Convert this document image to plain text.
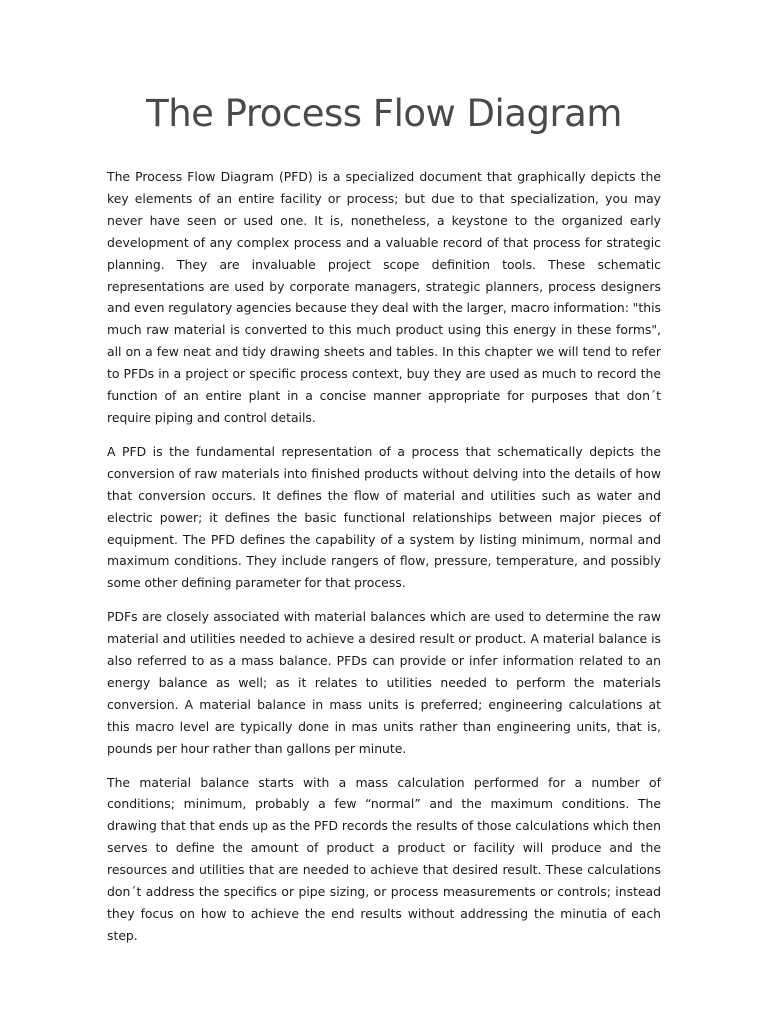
The Process Flow Diagram

The Process Flow Diagram (PFD) is a specialized document that graphically depicts the key elements of an entire facility or process; but due to that specialization, you may never have seen or used one. It is, nonetheless, a keystone to the organized early development of any complex process and a valuable record of that process for strategic planning. They are invaluable project scope definition tools. These schematic representations are used by corporate managers, strategic planners, process designers and even regulatory agencies because they deal with the larger, macro information: "this much raw material is converted to this much product using this energy in these forms", all on a few neat and tidy drawing sheets and tables. In this chapter we will tend to refer to PFDs in a project or specific process context, buy they are used as much to record the function of an entire plant in a concise manner appropriate for purposes that don´t require piping and control details.

A PFD is the fundamental representation of a process that schematically depicts the conversion of raw materials into finished products without delving into the details of how that conversion occurs. It defines the flow of material and utilities such as water and electric power; it defines the basic functional relationships between major pieces of equipment. The PFD defines the capability of a system by listing minimum, normal and maximum conditions. They include rangers of flow, pressure, temperature, and possibly some other defining parameter for that process.

PDFs are closely associated with material balances which are used to determine the raw material and utilities needed to achieve a desired result or product. A material balance is also referred to as a mass balance. PFDs can provide or infer information related to an energy balance as well; as it relates to utilities needed to perform the materials conversion. A material balance in mass units is preferred; engineering calculations at this macro level are typically done in mas units rather than engineering units, that is, pounds per hour rather than gallons per minute.

The material balance starts with a mass calculation performed for a number of conditions; minimum, probably a few “normal” and the maximum conditions. The drawing that that ends up as the PFD records the results of those calculations which then serves to define the amount of product a product or facility will produce and the resources and utilities that are needed to achieve that desired result. These calculations don´t address the specifics or pipe sizing, or process measurements or controls; instead they focus on how to achieve the end results without addressing the minutia of each step.
